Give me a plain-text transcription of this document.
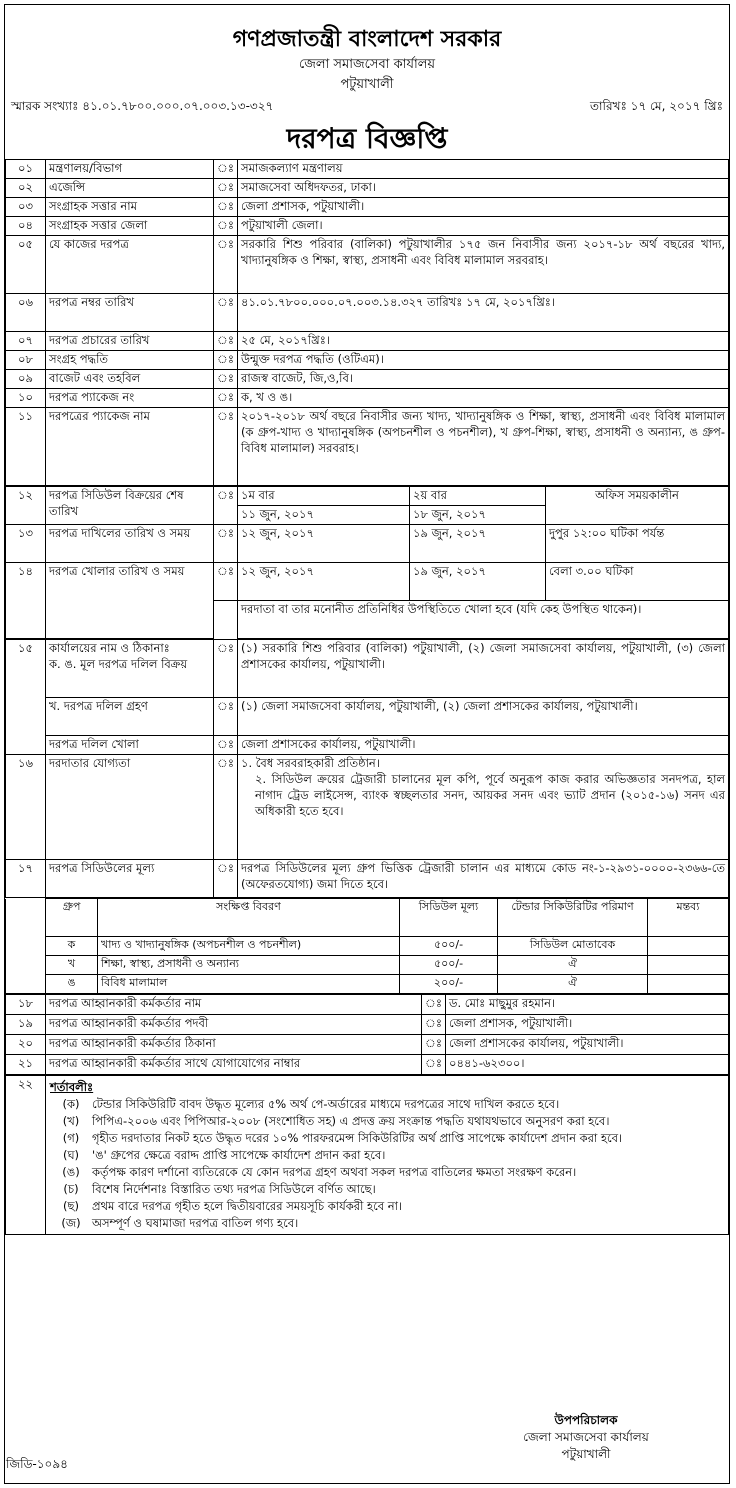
গণপ্রজাতন্ত্রী বাংলাদেশ সরকার
জেলা সমাজসেবা কার্যালয়
পটুয়াখালী
স্মারক সংখ্যাঃ ৪১.০১.৭৮০০.০০০.০৭.০০৩.১৩-৩২৭	তারিখঃ ১৭ মে, ২০১৭ খ্রিঃ
দরপত্র বিজ্ঞপ্তি
০১	মন্ত্রণালয়/বিভাগ	ঃ	সমাজকল্যাণ মন্ত্রণালয়
০২	এজেন্সি	ঃ	সমাজসেবা অধিদফতর, ঢাকা।
০৩	সংগ্রাহক সত্তার নাম	ঃ	জেলা প্রশাসক, পটুয়াখালী।
০৪	সংগ্রাহক সত্তার জেলা	ঃ	পটুয়াখালী জেলা।
০৫	যে কাজের দরপত্র	ঃ	সরকারি শিশু পরিবার (বালিকা) পটুয়াখালীর ১৭৫ জন নিবাসীর জন্য ২০১৭-১৮ অর্থ বছরের খাদ্য, খাদ্যানুষঙ্গিক ও শিক্ষা, স্বাস্থ্য, প্রসাধনী এবং বিবিধ মালামাল সরবরাহ।
০৬	দরপত্র নম্বর তারিখ	ঃ	৪১.০১.৭৮০০.০০০.০৭.০০৩.১৪.৩২৭ তারিখঃ ১৭ মে, ২০১৭খ্রিঃ।
০৭	দরপত্র প্রচারের তারিখ	ঃ	২৫ মে, ২০১৭খ্রিঃ।
০৮	সংগ্রহ পদ্ধতি	ঃ	উন্মুক্ত দরপত্র পদ্ধতি (ওটিএম)।
০৯	বাজেট এবং তহবিল	ঃ	রাজস্ব বাজেট, জি,ও,বি।
১০	দরপত্র প্যাকেজ নং	ঃ	ক, খ ও ঙ।
১১	দরপত্রের প্যাকেজ নাম	ঃ	২০১৭-২০১৮ অর্থ বছরে নিবাসীর জন্য খাদ্য, খাদ্যানুষঙ্গিক ও শিক্ষা, স্বাস্থ্য, প্রসাধনী এবং বিবিধ মালামাল (ক গ্রুপ-খাদ্য ও খাদ্যানুষঙ্গিক (অপচনশীল ও পচনশীল), খ গ্রুপ-শিক্ষা, স্বাস্থ্য, প্রসাধনী ও অন্যান্য, ঙ গ্রুপ-বিবিধ মালামাল) সরবরাহ।
১২	দরপত্র সিডিউল বিক্রয়ের শেষ তারিখ	ঃ	১ম বার	২য় বার	অফিস সময়কালীন
			১১ জুন, ২০১৭	১৮ জুন, ২০১৭	
১৩	দরপত্র দাখিলের তারিখ ও সময়	ঃ	১২ জুন, ২০১৭	১৯ জুন, ২০১৭	দুপুর ১২:০০ ঘটিকা পর্যন্ত
১৪	দরপত্র খোলার তারিখ ও সময়	ঃ	১২ জুন, ২০১৭	১৯ জুন, ২০১৭	বেলা ৩.০০ ঘটিকা
			দরদাতা বা তার মনোনীত প্রতিনিধির উপস্থিতিতে খোলা হবে (যদি কেহ উপস্থিত থাকেন)।		
১৫	কার্যালয়ের নাম ও ঠিকানাঃ
ক. ঙ. মূল দরপত্র দলিল বিক্রয়	ঃ	(১) সরকারি শিশু পরিবার (বালিকা) পটুয়াখালী, (২) জেলা সমাজসেবা কার্যালয়, পটুয়াখালী, (৩) জেলা প্রশাসকের কার্যালয়, পটুয়াখালী।
	খ. দরপত্র দলিল গ্রহণ	ঃ	(১) জেলা সমাজসেবা কার্যালয়, পটুয়াখালী, (২) জেলা প্রশাসকের কার্যালয়, পটুয়াখালী।
	দরপত্র দলিল খোলা	ঃ	জেলা প্রশাসকের কার্যালয়, পটুয়াখালী।
১৬	দরদাতার যোগ্যতা	ঃ	১. বৈধ সরবরাহকারী প্রতিষ্ঠান।
২. সিডিউল ক্রয়ের ট্রেজারী চালানের মূল কপি, পূর্বে অনুরূপ কাজ করার অভিজ্ঞতার সনদপত্র, হাল নাগাদ ট্রেড লাইসেন্স, ব্যাংক স্বচ্ছলতার সনদ, আয়কর সনদ এবং ভ্যাট প্রদান (২০১৫-১৬) সনদ এর অধিকারী হতে হবে।

১৭	দরপত্র সিডিউলের মূল্য	ঃ	দরপত্র সিডিউলের মূল্য গ্রুপ ভিত্তিক ট্রেজারী চালান এর মাধ্যমে কোড নং-১-২৯৩১-০০০০-২৩৬৬-তে (অফেরতযোগ্য) জমা দিতে হবে।
	গ্রুপ	সংক্ষিপ্ত বিবরণ	সিডিউল মূল্য	টেন্ডার সিকিউরিটির পরিমাণ	মন্তব্য
	ক	খাদ্য ও খাদ্যানুষঙ্গিক (অপচনশীল ও পচনশীল)	৫০০/-	সিডিউল মোতাবেক	
	খ	শিক্ষা, স্বাস্থ্য, প্রসাধনী ও অন্যান্য	৫০০/-	ঐ	
	ঙ	বিবিধ মালামাল	২০০/-	ঐ	
১৮	দরপত্র আহ্বানকারী কর্মকর্তার নাম	ঃ	ড. মোঃ মাছুমুর রহমান।
১৯	দরপত্র আহ্বানকারী কর্মকর্তার পদবী	ঃ	জেলা প্রশাসক, পটুয়াখালী।
২০	দরপত্র আহ্বানকারী কর্মকর্তার ঠিকানা	ঃ	জেলা প্রশাসকের কার্যালয়, পটুয়াখালী।
২১	দরপত্র আহ্বানকারী কর্মকর্তার সাথে যোগাযোগের নাম্বার	ঃ	০৪৪১-৬২৩০০।
২২	শর্তাবলীঃ
(ক)	টেন্ডার সিকিউরিটি বাবদ উদ্ধৃত মূল্যের ৫% অর্থ পে-অর্ডারের মাধ্যমে দরপত্রের সাথে দাখিল করতে হবে।
(খ)	পিপিএ-২০০৬ এবং পিপিআর-২০০৮ (সংশোধিত সহ) এ প্রদত্ত ক্রয় সংক্রান্ত পদ্ধতি যথাযথভাবে অনুসরণ করা হবে।
(গ)	গৃহীত দরদাতার নিকট হতে উদ্ধৃত দরের ১০% পারফরমেন্স সিকিউরিটির অর্থ প্রাপ্তি সাপেক্ষে কার্যাদেশ প্রদান করা হবে।
(ঘ)	'ঙ' গ্রুপের ক্ষেত্রে বরাদ্দ প্রাপ্তি সাপেক্ষে কার্যাদেশ প্রদান করা হবে।
(ঙ)	কর্তৃপক্ষ কারণ দর্শানো ব্যতিরেকে যে কোন দরপত্র গ্রহণ অথবা সকল দরপত্র বাতিলের ক্ষমতা সংরক্ষণ করেন।
(চ)	বিশেষ নির্দেশনাঃ বিস্তারিত তথ্য দরপত্র সিডিউলে বর্ণিত আছে।
(ছ)	প্রথম বারে দরপত্র গৃহীত হলে দ্বিতীয়বারের সময়সূচি কার্যকরী হবে না।
(জ) অসম্পূর্ণ ও ঘষামাজা দরপত্র বাতিল গণ্য হবে।
উপপরিচালক
জেলা সমাজসেবা কার্যালয়
পটুয়াখালী
জিডি-১০৯৪
